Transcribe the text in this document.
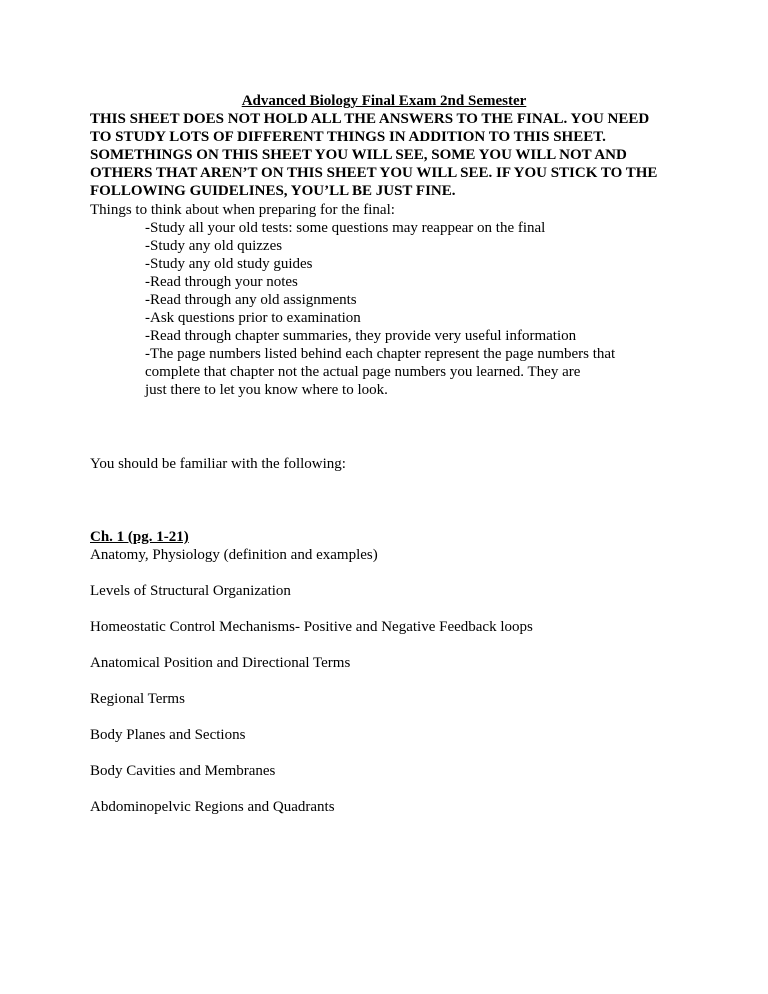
Advanced Biology Final Exam 2nd Semester

THIS SHEET DOES NOT HOLD ALL THE ANSWERS TO THE FINAL. YOU NEED

TO STUDY LOTS OF DIFFERENT THINGS IN ADDITION TO THIS SHEET.

SOMETHINGS ON THIS SHEET YOU WILL SEE, SOME YOU WILL NOT AND

OTHERS THAT AREN’T ON THIS SHEET YOU WILL SEE. IF YOU STICK TO THE

FOLLOWING GUIDELINES, YOU’LL BE JUST FINE.

Things to think about when preparing for the final:

-Study all your old tests: some questions may reappear on the final
-Study any old quizzes
-Study any old study guides
-Read through your notes
-Read through any old assignments
-Ask questions prior to examination
-Read through chapter summaries, they provide very useful information
-The page numbers listed behind each chapter represent the page numbers that
complete that chapter not the actual page numbers you learned. They are
just there to let you know where to look.

You should be familiar with the following:

Ch. 1 (pg. 1-21)

Anatomy, Physiology (definition and examples)

Levels of Structural Organization

Homeostatic Control Mechanisms- Positive and Negative Feedback loops

Anatomical Position and Directional Terms

Regional Terms

Body Planes and Sections

Body Cavities and Membranes

Abdominopelvic Regions and Quadrants
